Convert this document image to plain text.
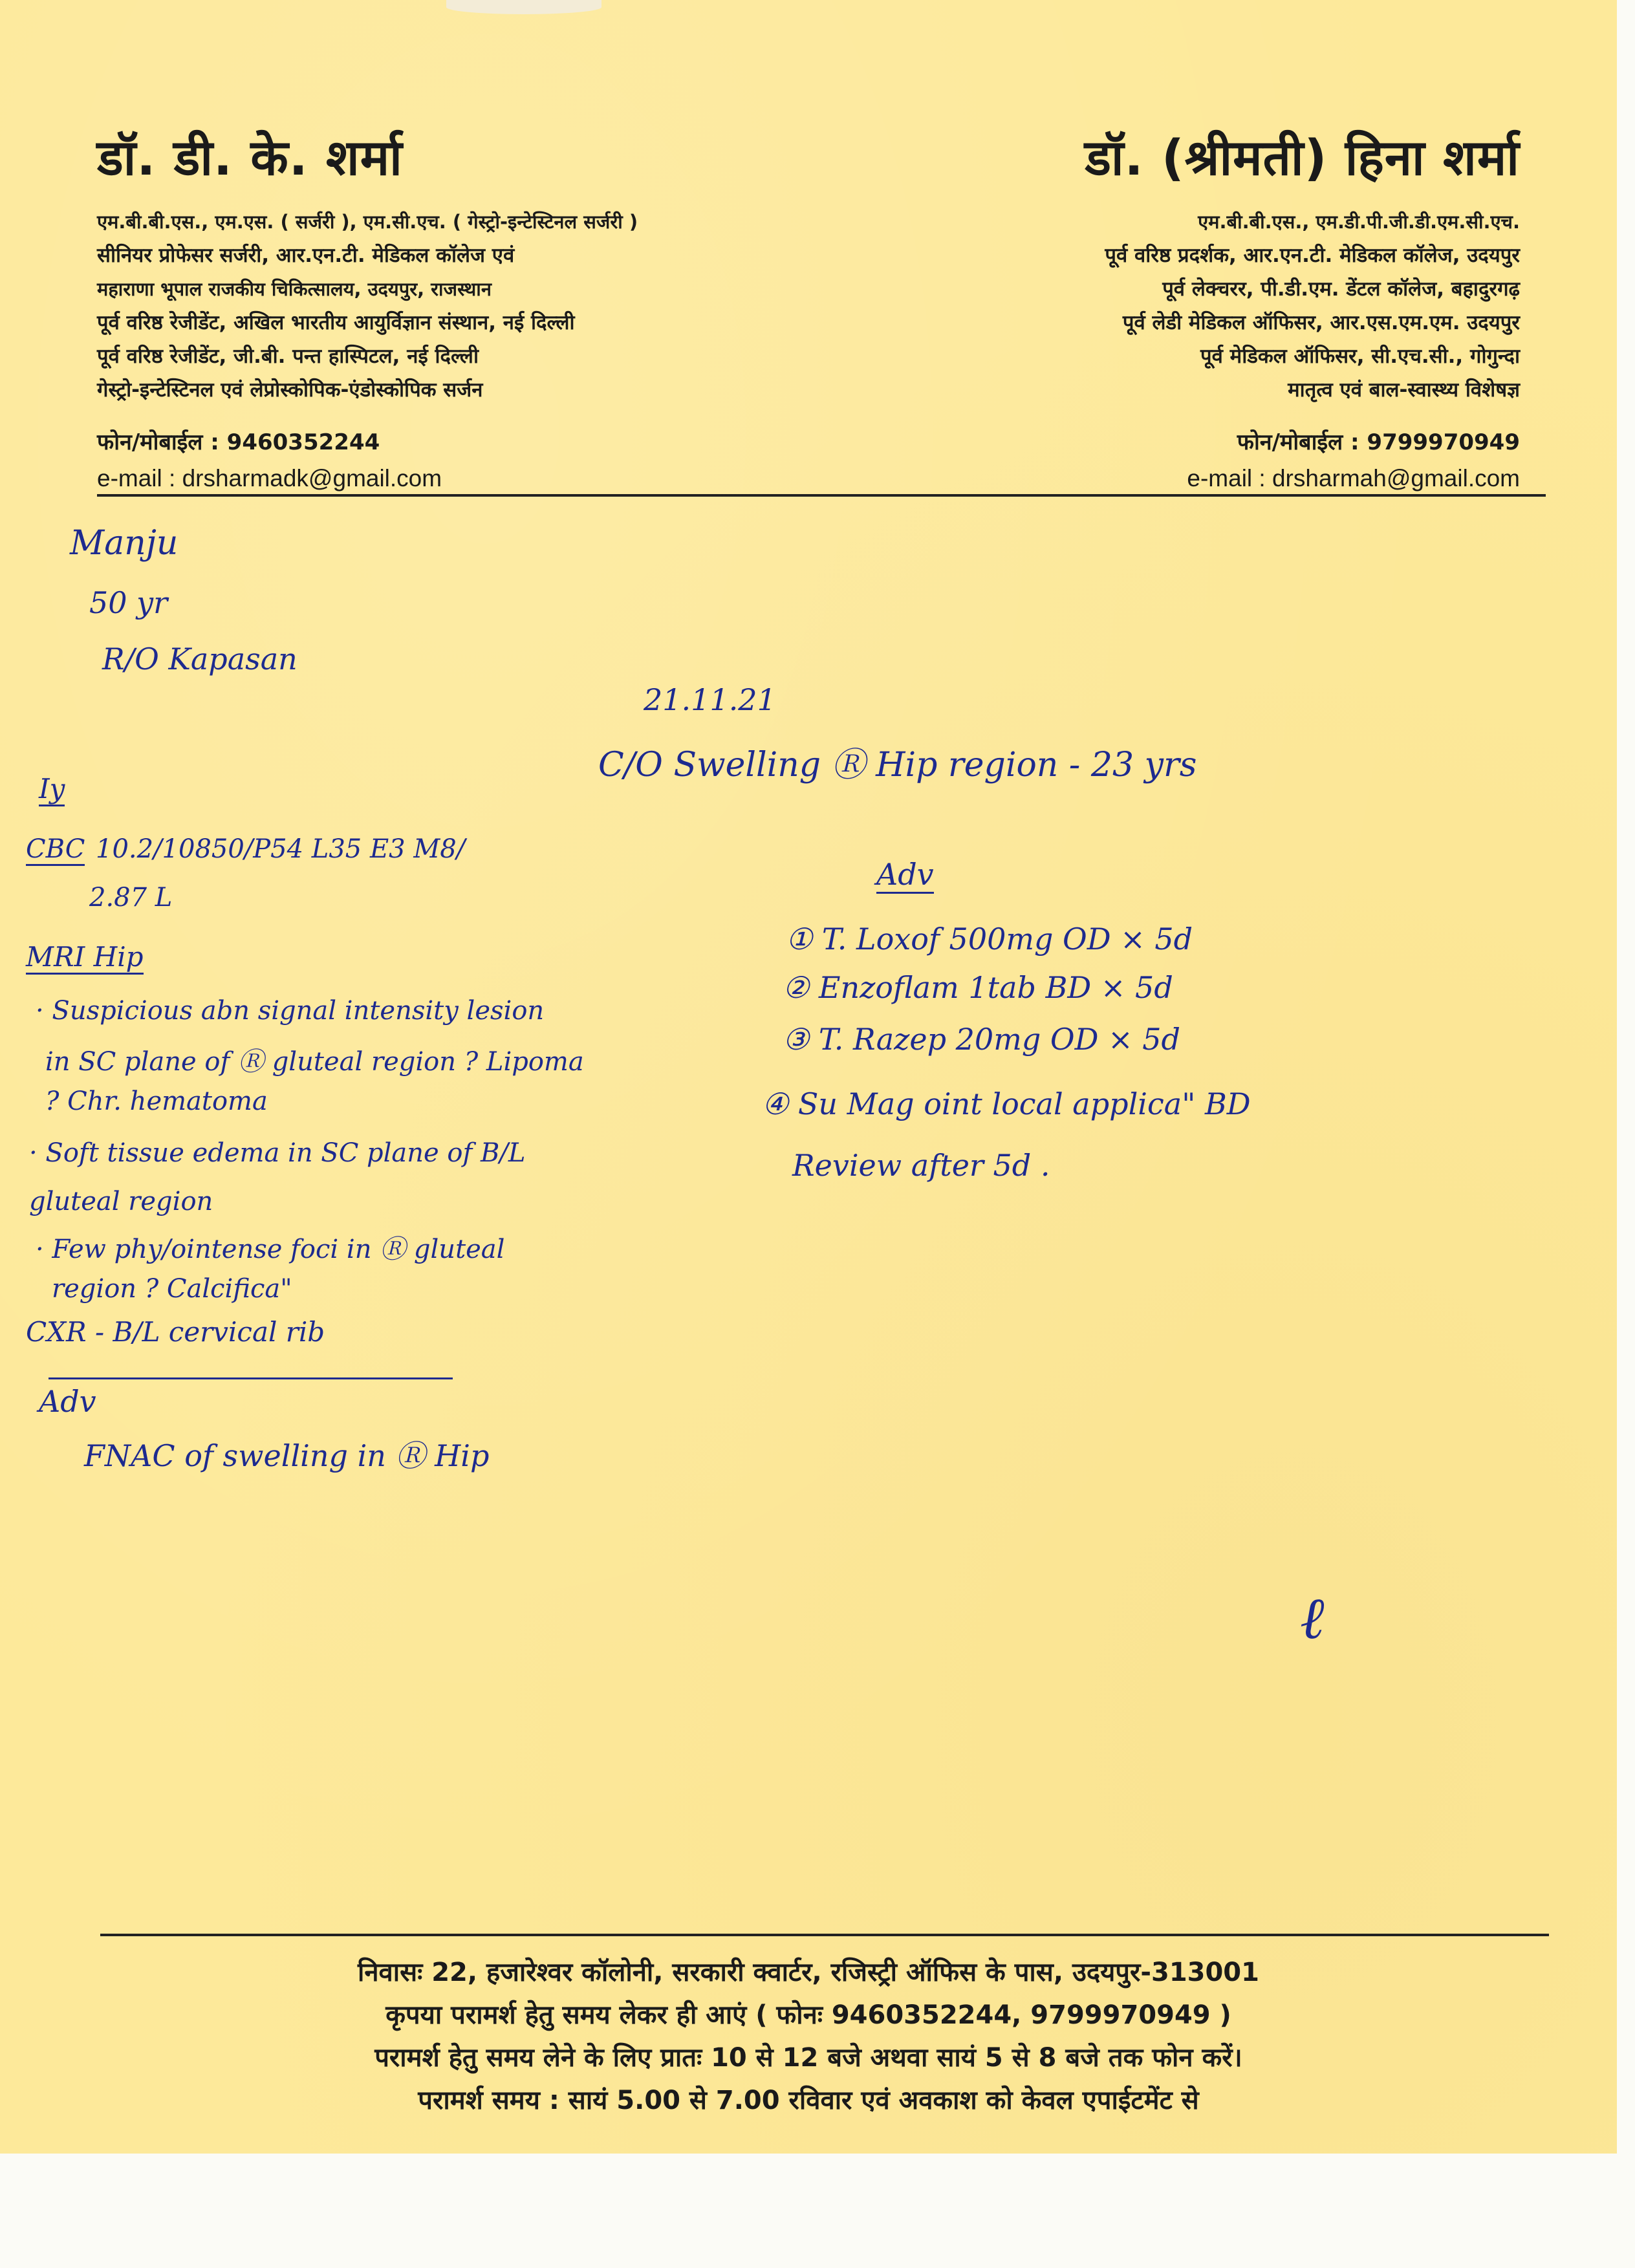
डॉ. डी. के. शर्मा
एम.बी.बी.एस., एम.एस. ( सर्जरी ), एम.सी.एच. ( गेस्ट्रो-इन्टेस्टिनल सर्जरी )
सीनियर प्रोफेसर सर्जरी, आर.एन.टी. मेडिकल कॉलेज एवं
महाराणा भूपाल राजकीय चिकित्सालय, उदयपुर, राजस्थान
पूर्व वरिष्ठ रेजीडेंट, अखिल भारतीय आयुर्विज्ञान संस्थान, नई दिल्ली
पूर्व वरिष्ठ रेजीडेंट, जी.बी. पन्त हास्पिटल, नई दिल्ली
गेस्ट्रो-इन्टेस्टिनल एवं लेप्रोस्कोपिक-एंडोस्कोपिक सर्जन
फोन/मोबाईल : 9460352244
e-mail : drsharmadk@gmail.com
डॉ. (श्रीमती) हिना शर्मा
एम.बी.बी.एस., एम.डी.पी.जी.डी.एम.सी.एच.
पूर्व वरिष्ठ प्रदर्शक, आर.एन.टी. मेडिकल कॉलेज, उदयपुर
पूर्व लेक्चरर, पी.डी.एम. डेंटल कॉलेज, बहादुरगढ़
पूर्व लेडी मेडिकल ऑफिसर, आर.एस.एम.एम. उदयपुर
पूर्व मेडिकल ऑफिसर, सी.एच.सी., गोगुन्दा
मातृत्व एवं बाल-स्वास्थ्य विशेषज्ञ
फोन/मोबाईल : 9799970949
e-mail : drsharmah@gmail.com
Manju
50 yr
R/O Kapasan
21.11.21
C/O Swelling Ⓡ Hip region - 23 yrs
Iy
CBC 10.2/10850/P54 L35 E3 M8/
2.87 L
MRI Hip
· Suspicious abn signal intensity lesion
in SC plane of Ⓡ gluteal region ? Lipoma
? Chr. hematoma
· Soft tissue edema in SC plane of B/L
gluteal region
· Few phy/ointense foci in Ⓡ gluteal
region ? Calcifica"
CXR - B/L cervical rib
Adv
FNAC of swelling in Ⓡ Hip
Adv
① T. Loxof 500mg OD × 5d
② Enzoflam 1tab BD × 5d
③ T. Razep 20mg OD × 5d
④ Su Mag oint local applica" BD
Review after 5d .
ℓ
निवासः 22, हजारेश्वर कॉलोनी, सरकारी क्वार्टर, रजिस्ट्री ऑफिस के पास, उदयपुर-313001
कृपया परामर्श हेतु समय लेकर ही आएं ( फोनः 9460352244, 9799970949 )
परामर्श हेतु समय लेने के लिए प्रातः 10 से 12 बजे अथवा सायं 5 से 8 बजे तक फोन करें।
परामर्श समय : सायं 5.00 से 7.00 रविवार एवं अवकाश को केवल एपाईटमेंट से
